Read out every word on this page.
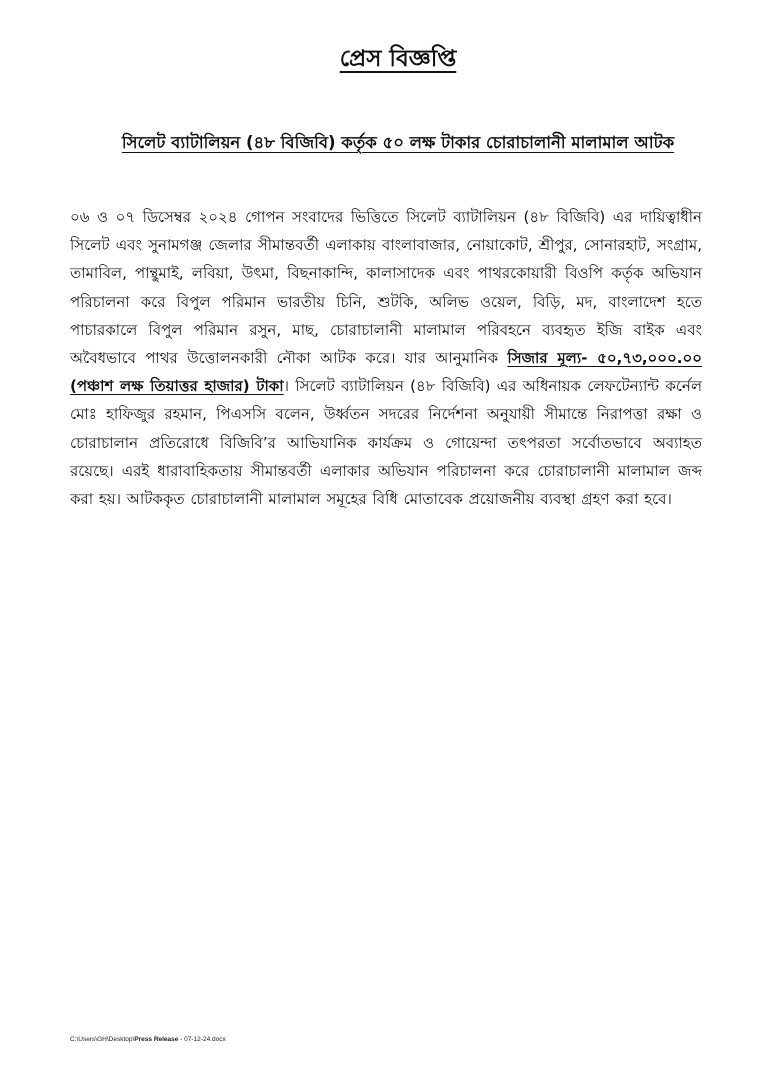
প্রেস বিজ্ঞপ্তি
সিলেট ব্যাটালিয়ন (৪৮ বিজিবি) কর্তৃক ৫০ লক্ষ টাকার চোরাচালানী মালামাল আটক

০৬ ও ০৭ ডিসেম্বর ২০২৪ গোপন সংবাদের ভিত্তিতে সিলেট ব্যাটালিয়ন (৪৮ বিজিবি) এর দায়িত্বাধীন সিলেট এবং সুনামগঞ্জ জেলার সীমান্তবর্তী এলাকায় বাংলাবাজার, নোয়াকোট, শ্রীপুর, সোনারহাট, সংগ্রাম, তামাবিল, পান্থুমাই, লবিয়া, উৎমা, বিছনাকান্দি, কালাসাদেক এবং পাথরকোয়ারী বিওপি কর্তৃক অভিযান পরিচালনা করে বিপুল পরিমান ভারতীয় চিনি, শুটকি, অলিভ ওয়েল, বিড়ি, মদ, বাংলাদেশ হতে পাচারকালে বিপুল পরিমান রসুন, মাছ, চোরাচালানী মালামাল পরিবহনে ব্যবহৃত ইজি বাইক এবং অবৈধভাবে পাথর উত্তোলনকারী নৌকা আটক করে। যার আনুমানিক সিজার মূল্য- ৫০,৭৩,০০০.০০ (পঞ্চাশ লক্ষ তিয়াত্তর হাজার) টাকা। সিলেট ব্যাটালিয়ন (৪৮ বিজিবি) এর অধিনায়ক লেফটেন্যান্ট কর্নেল মোঃ হাফিজুর রহমান, পিএসসি বলেন, উর্ধ্বতন সদরের নির্দেশনা অনুযায়ী সীমান্তে নিরাপত্তা রক্ষা ও চোরাচালান প্রতিরোধে বিজিবি’র আভিযানিক কার্যক্রম ও গোয়েন্দা তৎপরতা সর্বোতভাবে অব্যাহত রয়েছে। এরই ধারাবাহিকতায় সীমান্তবর্তী এলাকার অভিযান পরিচালনা করে চোরাচালানী মালামাল জব্দ করা হয়। আটককৃত চোরাচালানী মালামাল সমূহের বিধি মোতাবেক প্রয়োজনীয় ব্যবস্থা গ্রহণ করা হবে।

C:\Users\GH\Desktop\Press Release - 07-12-24.docx
